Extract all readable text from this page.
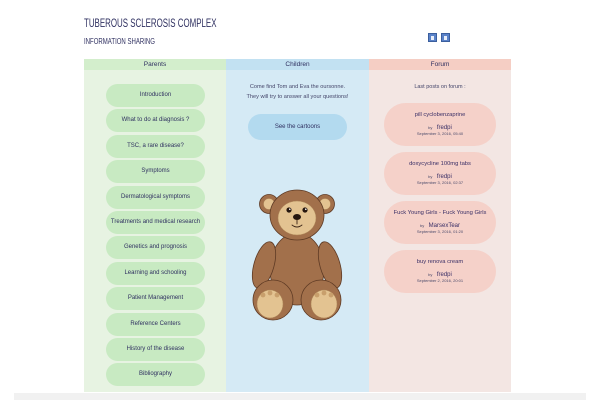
TUBEROUS SCLEROSIS COMPLEX
INFORMATION SHARING
Parents
Introduction
What to do at diagnosis ?
TSC, a rare disease?
Symptoms
Dermatological symptoms
Treatments and medical research
Genetics and prognosis
Learning and schooling
Patient Management
Reference Centers
History of the disease
Bibliography
Children
Come find Tom and Eva the oursonne.
They will try to answer all your questions!
See the cartoons
Forum
Last posts on forum :
pill cyclobenzaprine
by fredpi
September 3, 2016, 05:40
doxycycline 100mg tabs
by fredpi
September 3, 2016, 02:37
Fuck Young Girls - Fuck Young Girls
by MarsexTear
September 3, 2016, 01:20
buy renova cream
by fredpi
September 2, 2016, 20:01
